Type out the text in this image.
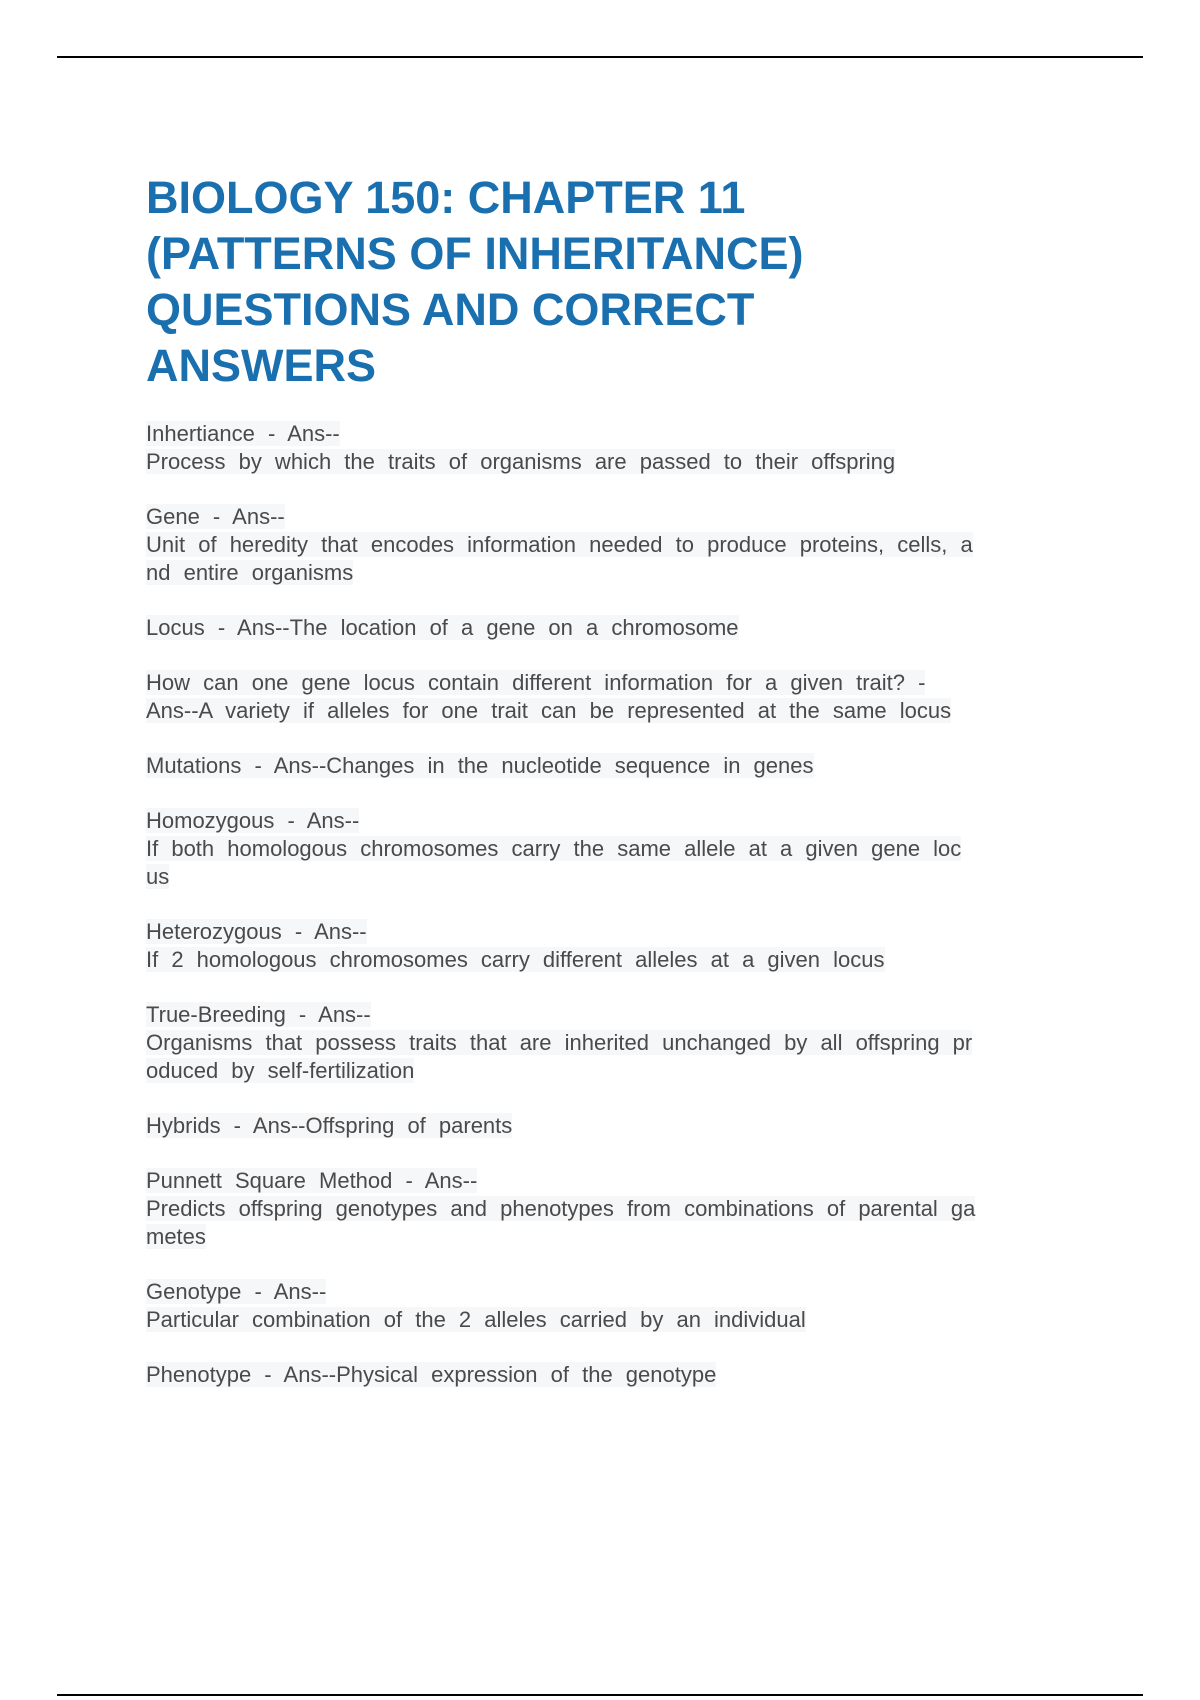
BIOLOGY 150: CHAPTER 11
(PATTERNS OF INHERITANCE)
QUESTIONS AND CORRECT
ANSWERS
Inhertiance - Ans--
Process by which the traits of organisms are passed to their offspring
Gene - Ans--
Unit of heredity that encodes information needed to produce proteins, cells, a
nd entire organisms
Locus - Ans--The location of a gene on a chromosome
How can one gene locus contain different information for a given trait? -
Ans--A variety if alleles for one trait can be represented at the same locus
Mutations - Ans--Changes in the nucleotide sequence in genes
Homozygous - Ans--
If both homologous chromosomes carry the same allele at a given gene loc
us
Heterozygous - Ans--
If 2 homologous chromosomes carry different alleles at a given locus
True-Breeding - Ans--
Organisms that possess traits that are inherited unchanged by all offspring pr
oduced by self-fertilization
Hybrids - Ans--Offspring of parents
Punnett Square Method - Ans--
Predicts offspring genotypes and phenotypes from combinations of parental ga
metes
Genotype - Ans--
Particular combination of the 2 alleles carried by an individual
Phenotype - Ans--Physical expression of the genotype
